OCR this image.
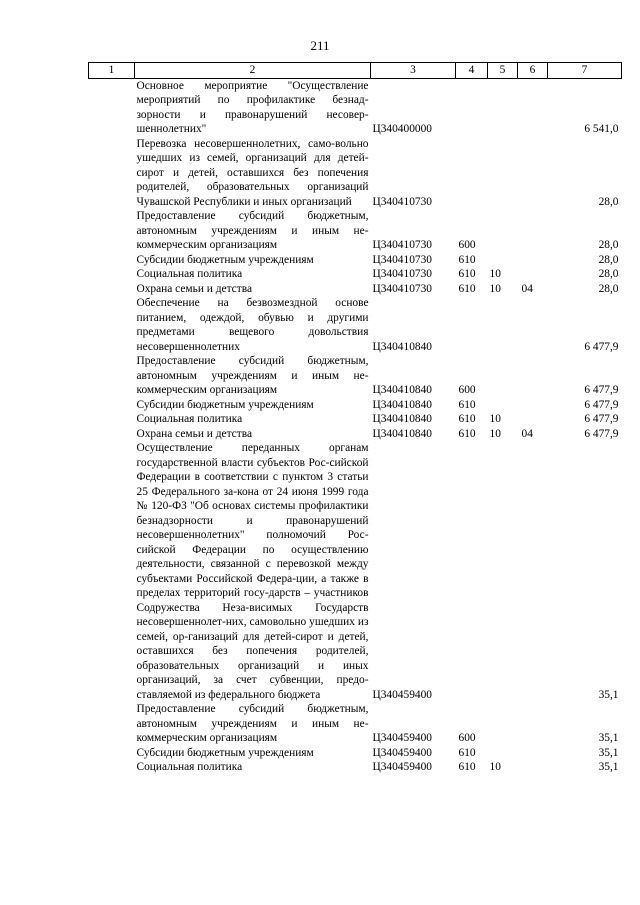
211
1	2	3	4	5	6	7
	Основное мероприятие "Осуществление мероприятий по профилактике безнад-зорности и правонарушений несовер-шеннолетних"	Ц340400000				6 541,0
	Перевозка несовершеннолетних, само-вольно ушедших из семей, организаций для детей-сирот и детей, оставшихся без попечения родителей, образовательных организаций Чувашской Республики и иных организаций	Ц340410730				28,0
	Предоставление субсидий бюджетным, автономным учреждениям и иным не-коммерческим организациям	Ц340410730	600			28,0
	Субсидии бюджетным учреждениям	Ц340410730	610			28,0
	Социальная политика	Ц340410730	610	10		28,0
	Охрана семьи и детства	Ц340410730	610	10	04	28,0
	Обеспечение на безвозмездной основе питанием, одеждой, обувью и другими предметами вещевого довольствия несовершеннолетних	Ц340410840				6 477,9
	Предоставление субсидий бюджетным, автономным учреждениям и иным не-коммерческим организациям	Ц340410840	600			6 477,9
	Субсидии бюджетным учреждениям	Ц340410840	610			6 477,9
	Социальная политика	Ц340410840	610	10		6 477,9
	Охрана семьи и детства	Ц340410840	610	10	04	6 477,9
	Осуществление переданных органам государственной власти субъектов Рос-сийской Федерации в соответствии с пунктом 3 статьи 25 Федерального за-кона от 24 июня 1999 года № 120-ФЗ "Об основах системы профилактики безнадзорности и правонарушений несовершеннолетних" полномочий Рос-сийской Федерации по осуществлению деятельности, связанной с перевозкой между субъектами Российской Федера-ции, а также в пределах территорий госу-дарств – участников Содружества Неза-висимых Государств несовершеннолет-них, самовольно ушедших из семей, ор-ганизаций для детей-сирот и детей, оставшихся без попечения родителей, образовательных организаций и иных организаций, за счет субвенции, предо-ставляемой из федерального бюджета	Ц340459400				35,1
	Предоставление субсидий бюджетным, автономным учреждениям и иным не-коммерческим организациям	Ц340459400	600			35,1
	Субсидии бюджетным учреждениям	Ц340459400	610			35,1
	Социальная политика	Ц340459400	610	10		35,1
